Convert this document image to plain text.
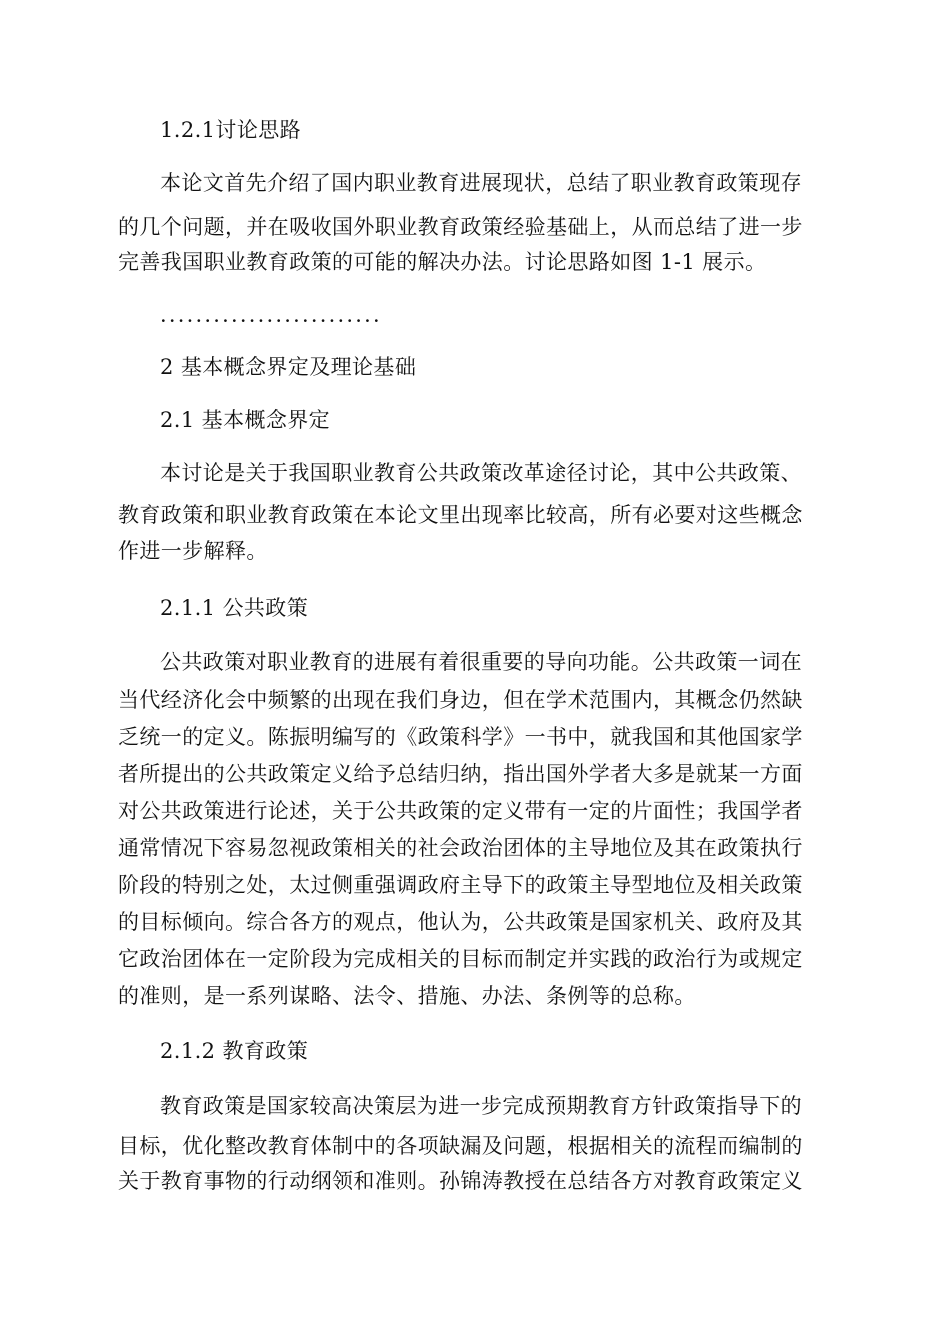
1.2.1讨论思路
本论文首先介绍了国内职业教育进展现状，总结了职业教育政策现存
的几个问题，并在吸收国外职业教育政策经验基础上，从而总结了进一步
完善我国职业教育政策的可能的解决办法。讨论思路如图 1-1 展示。
·························
2 基本概念界定及理论基础
2.1 基本概念界定
本讨论是关于我国职业教育公共政策改革途径讨论，其中公共政策、
教育政策和职业教育政策在本论文里出现率比较高，所有必要对这些概念
作进一步解释。
2.1.1 公共政策
公共政策对职业教育的进展有着很重要的导向功能。公共政策一词在
当代经济化会中频繁的出现在我们身边，但在学术范围内，其概念仍然缺
乏统一的定义。陈振明编写的《政策科学》一书中，就我国和其他国家学
者所提出的公共政策定义给予总结归纳，指出国外学者大多是就某一方面
对公共政策进行论述，关于公共政策的定义带有一定的片面性；我国学者
通常情况下容易忽视政策相关的社会政治团体的主导地位及其在政策执行
阶段的特别之处，太过侧重强调政府主导下的政策主导型地位及相关政策
的目标倾向。综合各方的观点，他认为，公共政策是国家机关、政府及其
它政治团体在一定阶段为完成相关的目标而制定并实践的政治行为或规定
的准则，是一系列谋略、法令、措施、办法、条例等的总称。
2.1.2 教育政策
教育政策是国家较高决策层为进一步完成预期教育方针政策指导下的
目标，优化整改教育体制中的各项缺漏及问题，根据相关的流程而编制的
关于教育事物的行动纲领和准则。孙锦涛教授在总结各方对教育政策定义
